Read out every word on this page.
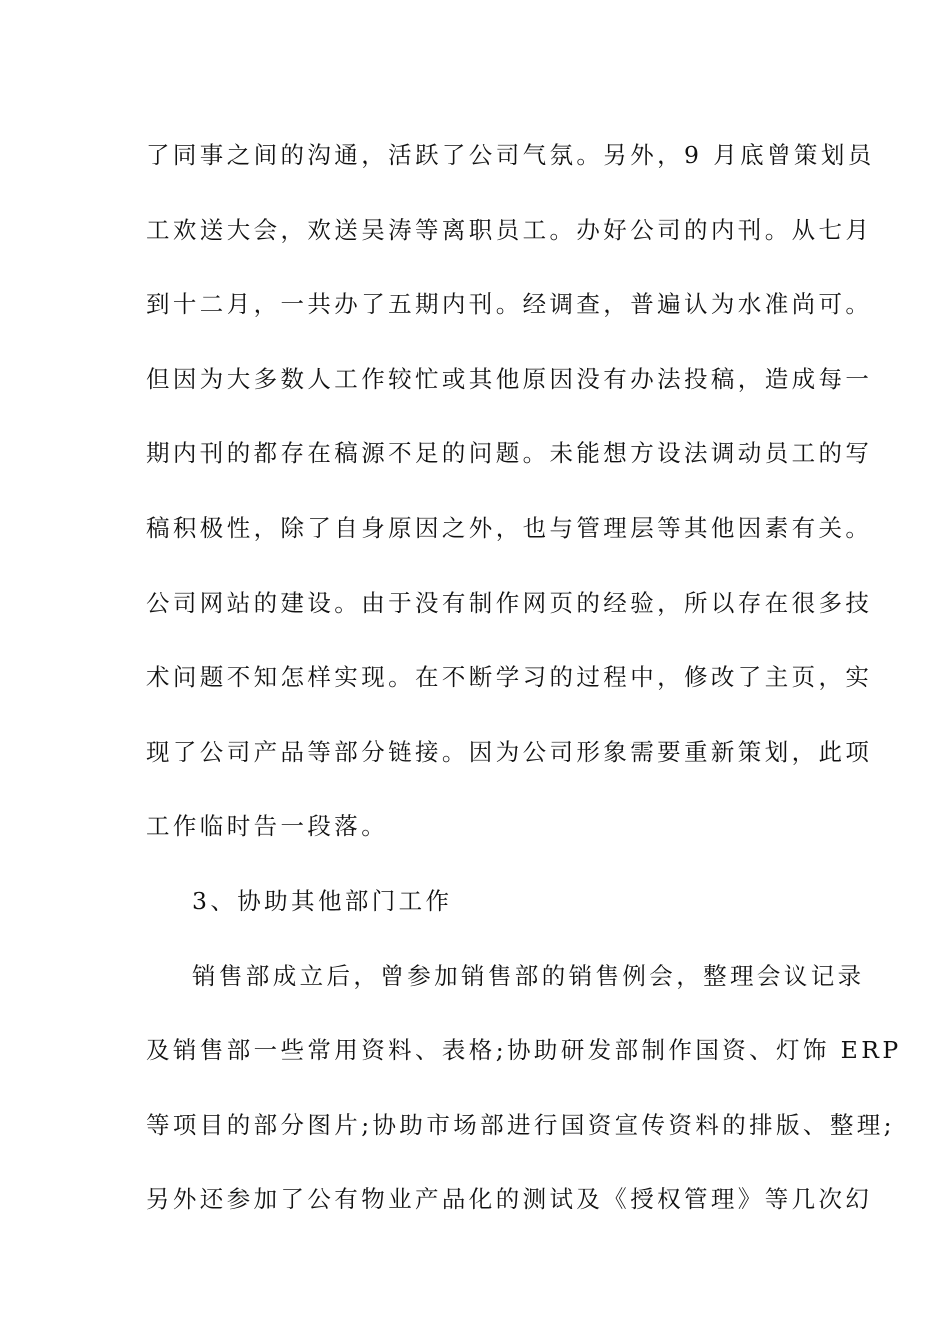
了同事之间的沟通，活跃了公司气氛。另外，9 月底曾策划员
工欢送大会，欢送吴涛等离职员工。办好公司的内刊。从七月
到十二月，一共办了五期内刊。经调查，普遍认为水准尚可。
但因为大多数人工作较忙或其他原因没有办法投稿，造成每一
期内刊的都存在稿源不足的问题。未能想方设法调动员工的写
稿积极性，除了自身原因之外，也与管理层等其他因素有关。
公司网站的建设。由于没有制作网页的经验，所以存在很多技
术问题不知怎样实现。在不断学习的过程中，修改了主页，实
现了公司产品等部分链接。因为公司形象需要重新策划，此项
工作临时告一段落。
3、协助其他部门工作
销售部成立后，曾参加销售部的销售例会，整理会议记录
及销售部一些常用资料、表格;协助研发部制作国资、灯饰 ERP
等项目的部分图片;协助市场部进行国资宣传资料的排版、整理;
另外还参加了公有物业产品化的测试及《授权管理》等几次幻
